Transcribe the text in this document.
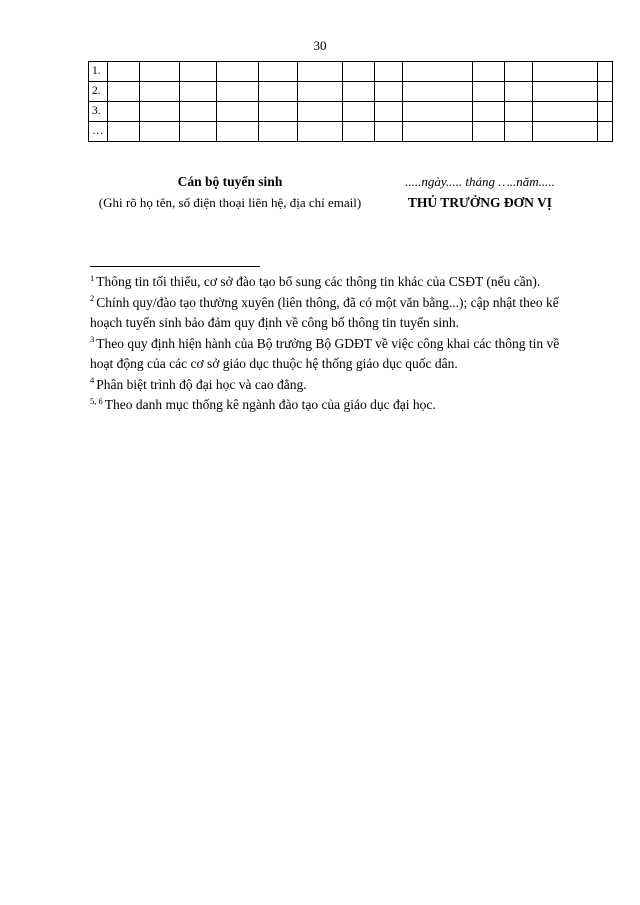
30
1.													
2.													
3.													
…													
Cán bộ tuyển sinh
(Ghi rõ họ tên, số điện thoại liên hệ, địa chỉ email)
.....ngày..... tháng …..năm.....
THỦ TRƯỞNG ĐƠN VỊ

$^1$ Thông tin tối thiểu, cơ sở đào tạo bổ sung các thông tin khác của CSĐT (nếu cần).

$^2$ Chính quy/đào tạo thường xuyên (liên thông, đã có một văn bằng...); cập nhật theo kế hoạch tuyển sinh bảo đảm quy định về công bố thông tin tuyển sinh.

$^3$ Theo quy định hiện hành của Bộ trưởng Bộ GDĐT về việc công khai các thông tin về hoạt động của các cơ sở giáo dục thuộc hệ thống giáo dục quốc dân.

$^4$ Phân biệt trình độ đại học và cao đẳng.

$^{5, 6}$ Theo danh mục thống kê ngành đào tạo của giáo dục đại học.
